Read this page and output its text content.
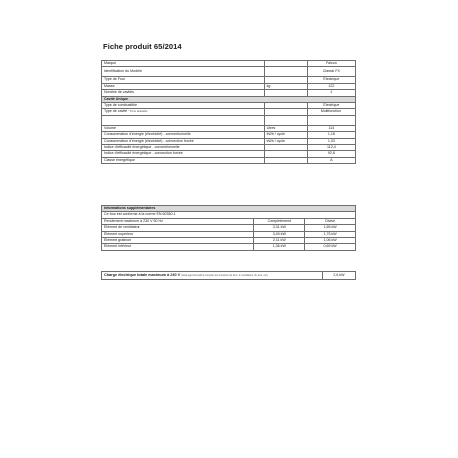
Fiche produit 65/2014
Marque		Falcon
Identification du Modèle		Classic FX
Type de Four		Électrique
Masse	kg	122
Nombre de cavités		1
Cavité Unique		
Type de combustible		Électrique
Type de cavité * Porte abattable		Multifonction*

Volume	Litres	114
Consommation d'énergie (électricité) - conventionnelle	kWh / cycle	1,16
Consommation d'énergie (électricité) - convection forcée	kWh / cycle	1,03
Indice d'efficacité énergétique - conventionnelle		112,4
Indice d'efficacité énergétique - convection forcée		92,8
Classe énergétique		A
Informations supplémentaires		
Ce four est conforme à la norme EN 60350-1		
Rendement maximum à 230 V 50 Hz	Complètement	Divisé
Élément de ventilateur	3,31 kW	1,65 kW
Élément supérieur	3,49 kW	1,75 kW
Élément gratinoir	2,11 kW	1,06 kW
Élément inférieur	1,36 kW	0,69 kW
Charge électrique totale maximum à 230 V (total approximatif à compter les lumières du four, le ventilateur du four, etc)	2,6 kW
